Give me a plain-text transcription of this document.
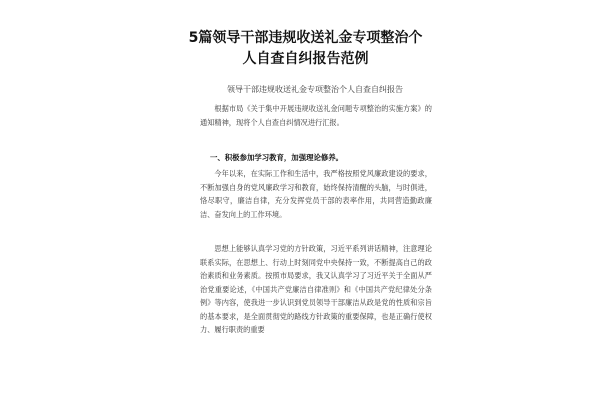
5篇领导干部违规收送礼金专项整治个人自查自纠报告范例
领导干部违规收送礼金专项整治个人自查自纠报告

根据市局《关于集中开展违规收送礼金问题专项整治的实施方案》的通知精神，现将个人自查自纠情况进行汇报。

一、积极参加学习教育，加强理论修养。

今年以来，在实际工作和生活中，我严格按照党风廉政建设的要求，不断加强自身的党风廉政学习和教育，始终保持清醒的头脑，与时俱进，恪尽职守，廉洁自律，充分发挥党员干部的表率作用，共同营造勤政廉洁、奋发向上的工作环境。

思想上能够认真学习党的方针政策，习近平系列讲话精神，注意理论联系实际，在思想上、行动上时刻同党中央保持一致，不断提高自己的政治素质和业务素质。按照市局要求，我又认真学习了习近平关于全面从严治党重要论述，《中国共产党廉洁自律准则》和《中国共产党纪律处分条例》等内容，使我进一步认识到党员领导干部廉洁从政是党的性质和宗旨的基本要求，是全面贯彻党的路线方针政策的重要保障，也是正确行使权力、履行职责的重要
